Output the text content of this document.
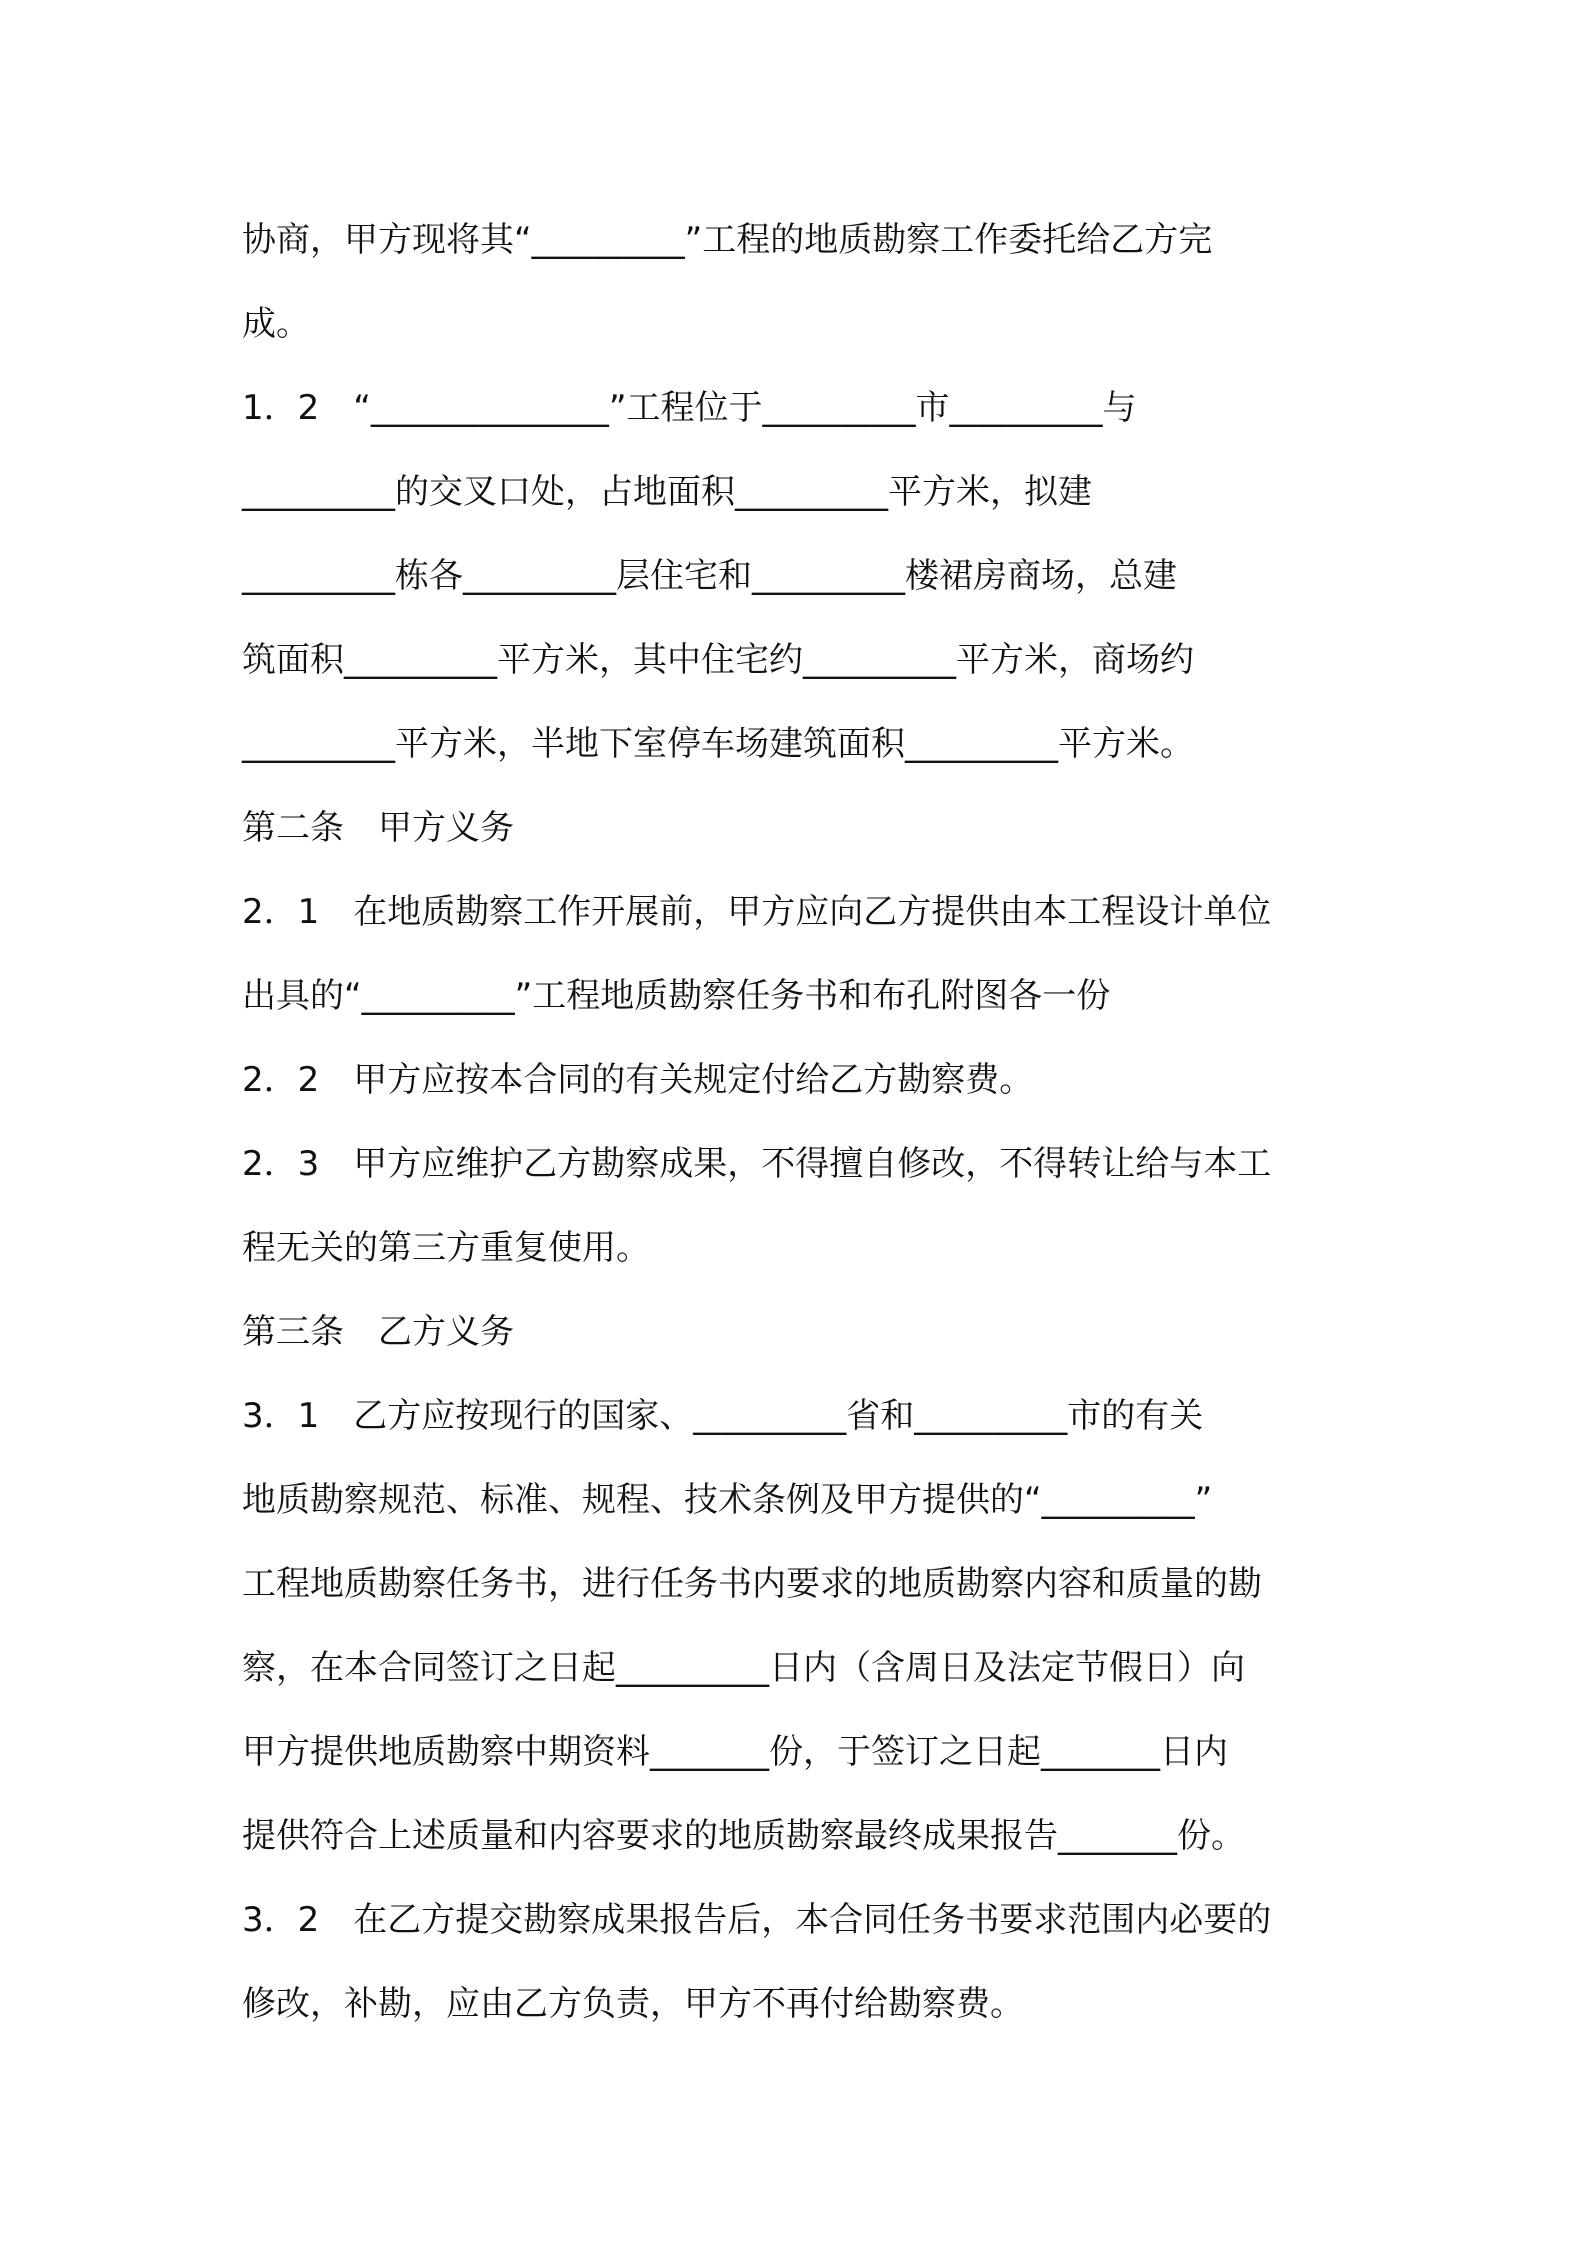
协商，甲方现将其“_________”工程的地质勘察工作委托给乙方完
成。
1．2　“______________”工程位于_________市_________与
_________的交叉口处，占地面积_________平方米，拟建
_________栋各_________层住宅和_________楼裙房商场，总建
筑面积_________平方米，其中住宅约_________平方米，商场约
_________平方米，半地下室停车场建筑面积_________平方米。
第二条　甲方义务
2．1　在地质勘察工作开展前，甲方应向乙方提供由本工程设计单位
出具的“_________”工程地质勘察任务书和布孔附图各一份
2．2　甲方应按本合同的有关规定付给乙方勘察费。
2．3　甲方应维护乙方勘察成果，不得擅自修改，不得转让给与本工
程无关的第三方重复使用。
第三条　乙方义务
3．1　乙方应按现行的国家、_________省和_________市的有关
地质勘察规范、标准、规程、技术条例及甲方提供的“_________”
工程地质勘察任务书，进行任务书内要求的地质勘察内容和质量的勘
察，在本合同签订之日起_________日内（含周日及法定节假日）向
甲方提供地质勘察中期资料_______份，于签订之日起_______日内
提供符合上述质量和内容要求的地质勘察最终成果报告_______份。
3．2　在乙方提交勘察成果报告后，本合同任务书要求范围内必要的
修改，补勘，应由乙方负责，甲方不再付给勘察费。
